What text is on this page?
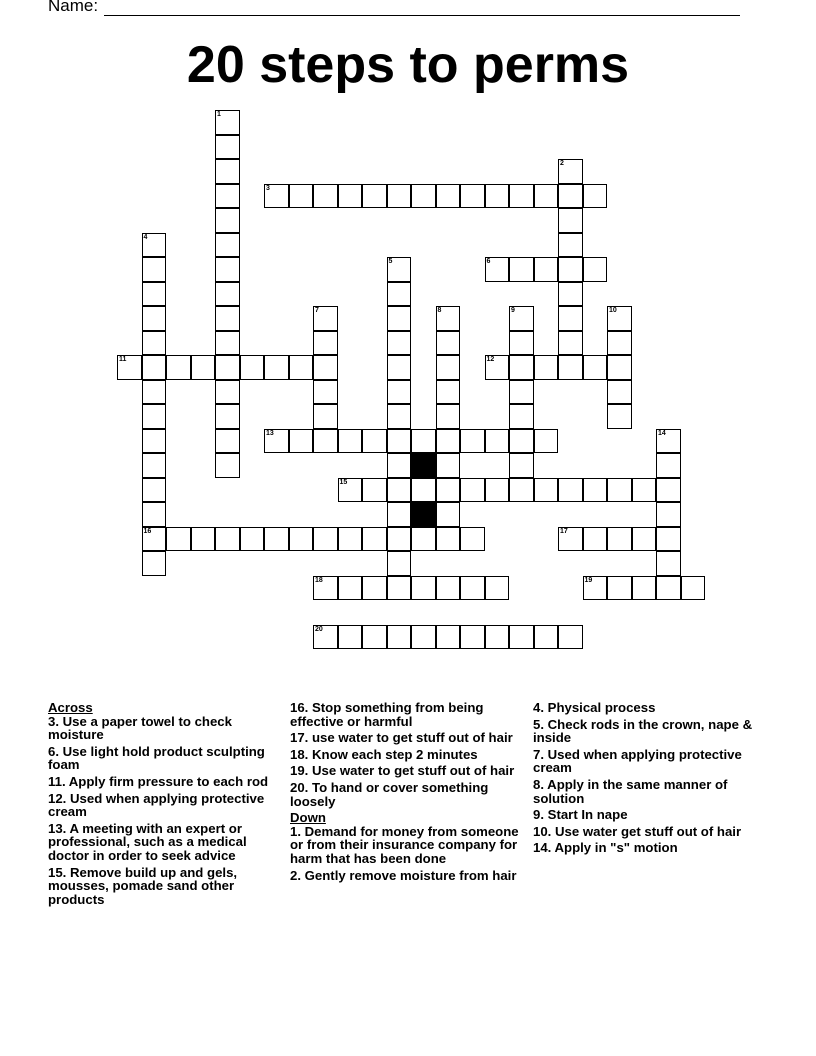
Name:
20 steps to perms
1
2
3
4
16
5	6
7	8	9	10
11	12
13	14
15
17
18	19
20
Across
3. Use a paper towel to check moisture
6. Use light hold product sculpting foam
11. Apply firm pressure to each rod
12. Used when applying protective cream
13. A meeting with an expert or professional, such as a medical doctor in order to seek advice
15. Remove build up and gels, mousses, pomade sand other products
16. Stop something from being effective or harmful
17. use water to get stuff out of hair
18. Know each step 2 minutes
19. Use water to get stuff out of hair
20. To hand or cover something loosely
Down
1. Demand for money from someone or from their insurance company for harm that has been done
2. Gently remove moisture from hair
4. Physical process
5. Check rods in the crown, nape & inside
7. Used when applying protective cream
8. Apply in the same manner of solution
9. Start In nape
10. Use water get stuff out of hair
14. Apply in "s" motion
